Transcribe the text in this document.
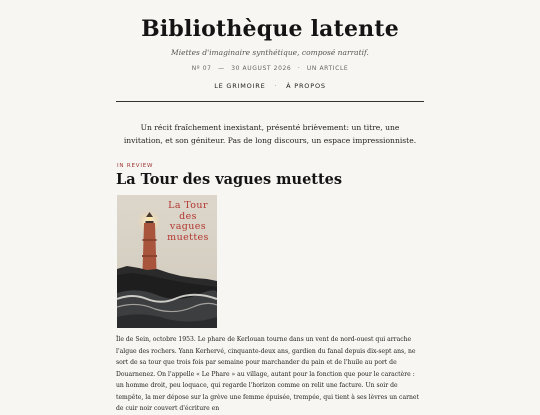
Bibliothèque latente
Miettes d'imaginaire synthétique, composé narratif.
Nº 07 — 30 AUGUST 2026 · UN ARTICLE
LE GRIMOIRE · À PROPOS
Un récit fraîchement inexistant, présenté brièvement: un titre, une invitation, et son géniteur. Pas de long discours, un espace impressionniste.
IN REVIEW
La Tour des vagues muettes
La Tour
des
vagues
muettes
Île de Sein, octobre 1953. Le phare de Kerlouan tourne dans un vent de nord-ouest qui arrache l'algue des rochers. Yann Kerhervé, cinquante-deux ans, gardien du fanal depuis dix-sept ans, ne sort de sa tour que trois fois par semaine pour marchander du pain et de l'huile au port de Douarnenez. On l'appelle « Le Phare » au village, autant pour la fonction que pour le caractère : un homme droit, peu loquace, qui regarde l'horizon comme on relit une facture. Un soir de tempête, la mer dépose sur la grève une femme épuisée, trempée, qui tient à ses lèvres un carnet de cuir noir couvert d'écriture en
